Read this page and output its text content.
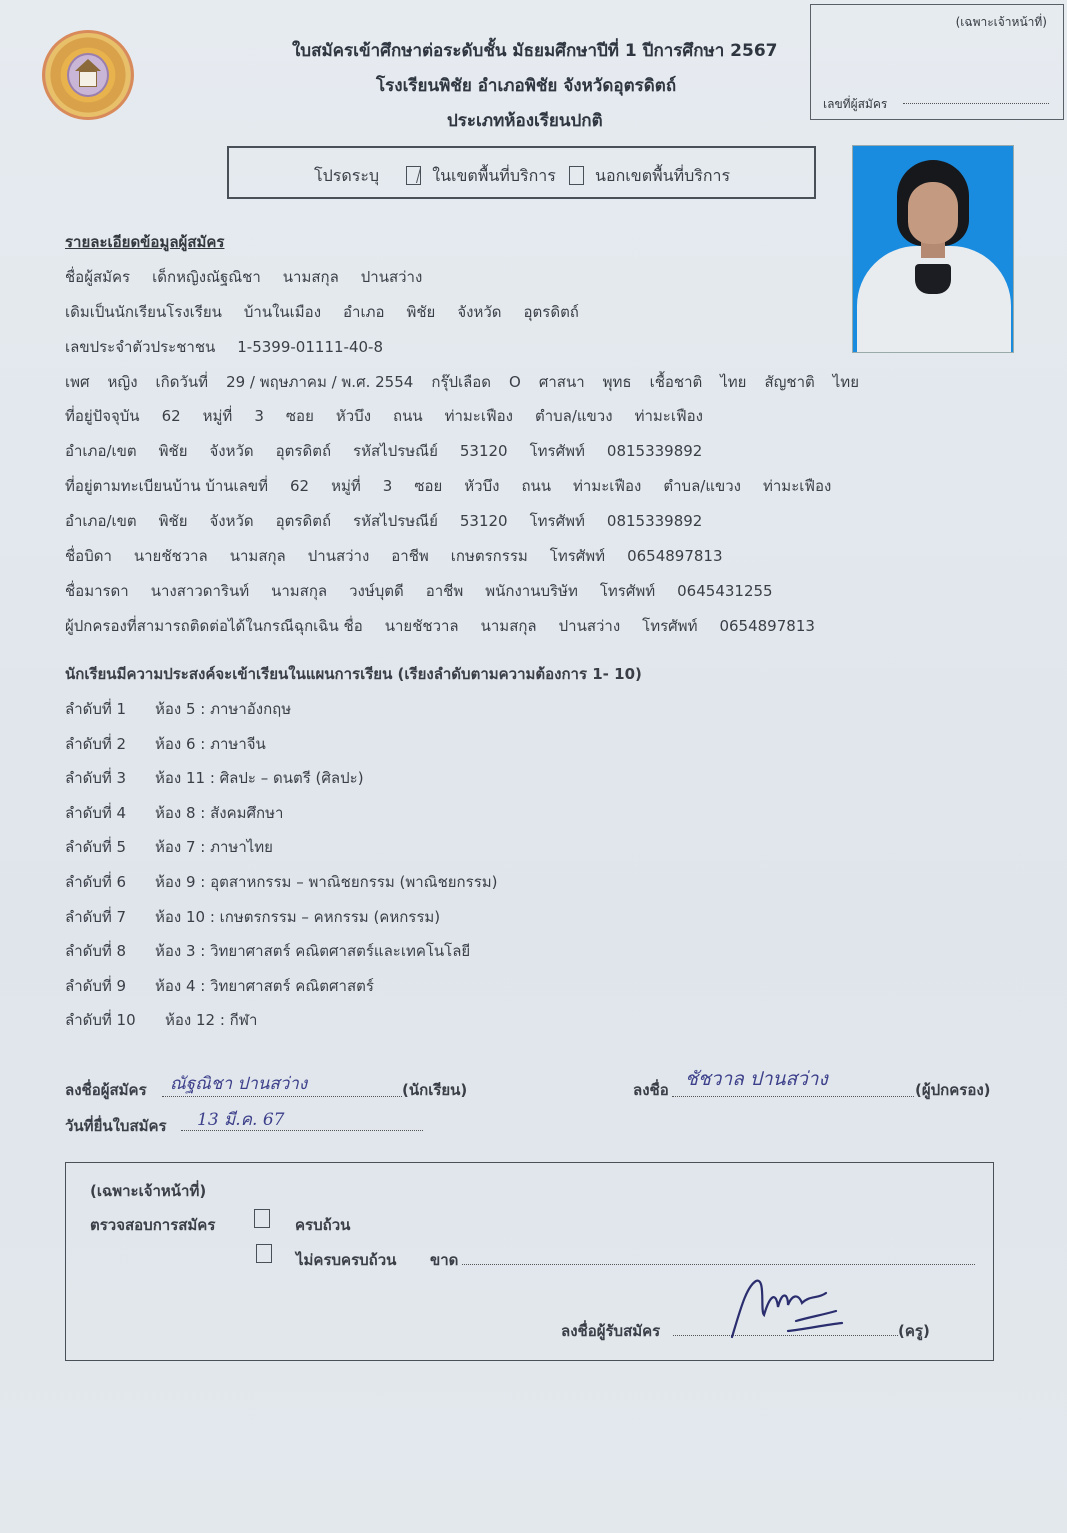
ใบสมัครเข้าศึกษาต่อระดับชั้น มัธยมศึกษาปีที่ 1 ปีการศึกษา 2567
โรงเรียนพิชัย อำเภอพิชัย จังหวัดอุตรดิตถ์
ประเภทห้องเรียนปกติ
(เฉพาะเจ้าหน้าที่)
เลขที่ผู้สมัคร
โปรดระบุ	ในเขตพื้นที่บริการ นอกเขตพื้นที่บริการ
รายละเอียดข้อมูลผู้สมัคร
ชื่อผู้สมัคร เด็กหญิงณัฐณิชา นามสกุล ปานสว่าง
เดิมเป็นนักเรียนโรงเรียน บ้านในเมือง อำเภอ พิชัย จังหวัด อุตรดิตถ์
เลขประจำตัวประชาชน 1-5399-01111-40-8
เพศ หญิง เกิดวันที่ 29 / พฤษภาคม / พ.ศ. 2554 กรุ๊ปเลือด O ศาสนา พุทธ เชื้อชาติ ไทย สัญชาติ ไทย
ที่อยู่ปัจจุบัน 62 หมู่ที่ 3 ซอย หัวบึง ถนน ท่ามะเฟือง ตำบล/แขวง ท่ามะเฟือง
อำเภอ/เขต พิชัย จังหวัด อุตรดิตถ์ รหัสไปรษณีย์ 53120 โทรศัพท์ 0815339892
ที่อยู่ตามทะเบียนบ้าน บ้านเลขที่ 62 หมู่ที่ 3 ซอย หัวบึง ถนน ท่ามะเฟือง ตำบล/แขวง ท่ามะเฟือง
อำเภอ/เขต พิชัย จังหวัด อุตรดิตถ์ รหัสไปรษณีย์ 53120 โทรศัพท์ 0815339892
ชื่อบิดา นายชัชวาล นามสกุล ปานสว่าง อาชีพ เกษตรกรรม โทรศัพท์ 0654897813
ชื่อมารดา นางสาวดารินท์ นามสกุล วงษ์บุตดี อาชีพ พนักงานบริษัท โทรศัพท์ 0645431255
ผู้ปกครองที่สามารถติดต่อได้ในกรณีฉุกเฉิน ชื่อ นายชัชวาล นามสกุล ปานสว่าง โทรศัพท์ 0654897813
นักเรียนมีความประสงค์จะเข้าเรียนในแผนการเรียน (เรียงลำดับตามความต้องการ 1- 10)
ลำดับที่ 1 ห้อง 5 : ภาษาอังกฤษ
ลำดับที่ 2 ห้อง 6 : ภาษาจีน
ลำดับที่ 3 ห้อง 11 : ศิลปะ – ดนตรี (ศิลปะ)
ลำดับที่ 4 ห้อง 8 : สังคมศึกษา
ลำดับที่ 5 ห้อง 7 : ภาษาไทย
ลำดับที่ 6 ห้อง 9 : อุตสาหกรรม – พาณิชยกรรม (พาณิชยกรรม)
ลำดับที่ 7 ห้อง 10 : เกษตรกรรม – คหกรรม (คหกรรม)
ลำดับที่ 8 ห้อง 3 : วิทยาศาสตร์ คณิตศาสตร์และเทคโนโลยี
ลำดับที่ 9 ห้อง 4 : วิทยาศาสตร์ คณิตศาสตร์
ลำดับที่ 10 ห้อง 12 : กีฬา
ลงชื่อผู้สมัคร ณัฐณิชา ปานสว่าง	(นักเรียน)	ลงชื่อ ชัชวาล ปานสว่าง	(ผู้ปกครอง)
วันที่ยื่นใบสมัคร 13 มี.ค. 67
(เฉพาะเจ้าหน้าที่)
ตรวจสอบการสมัคร	ครบถ้วน
ไม่ครบครบถ้วน ขาด
ลงชื่อผู้รับสมัคร	(ครู)
